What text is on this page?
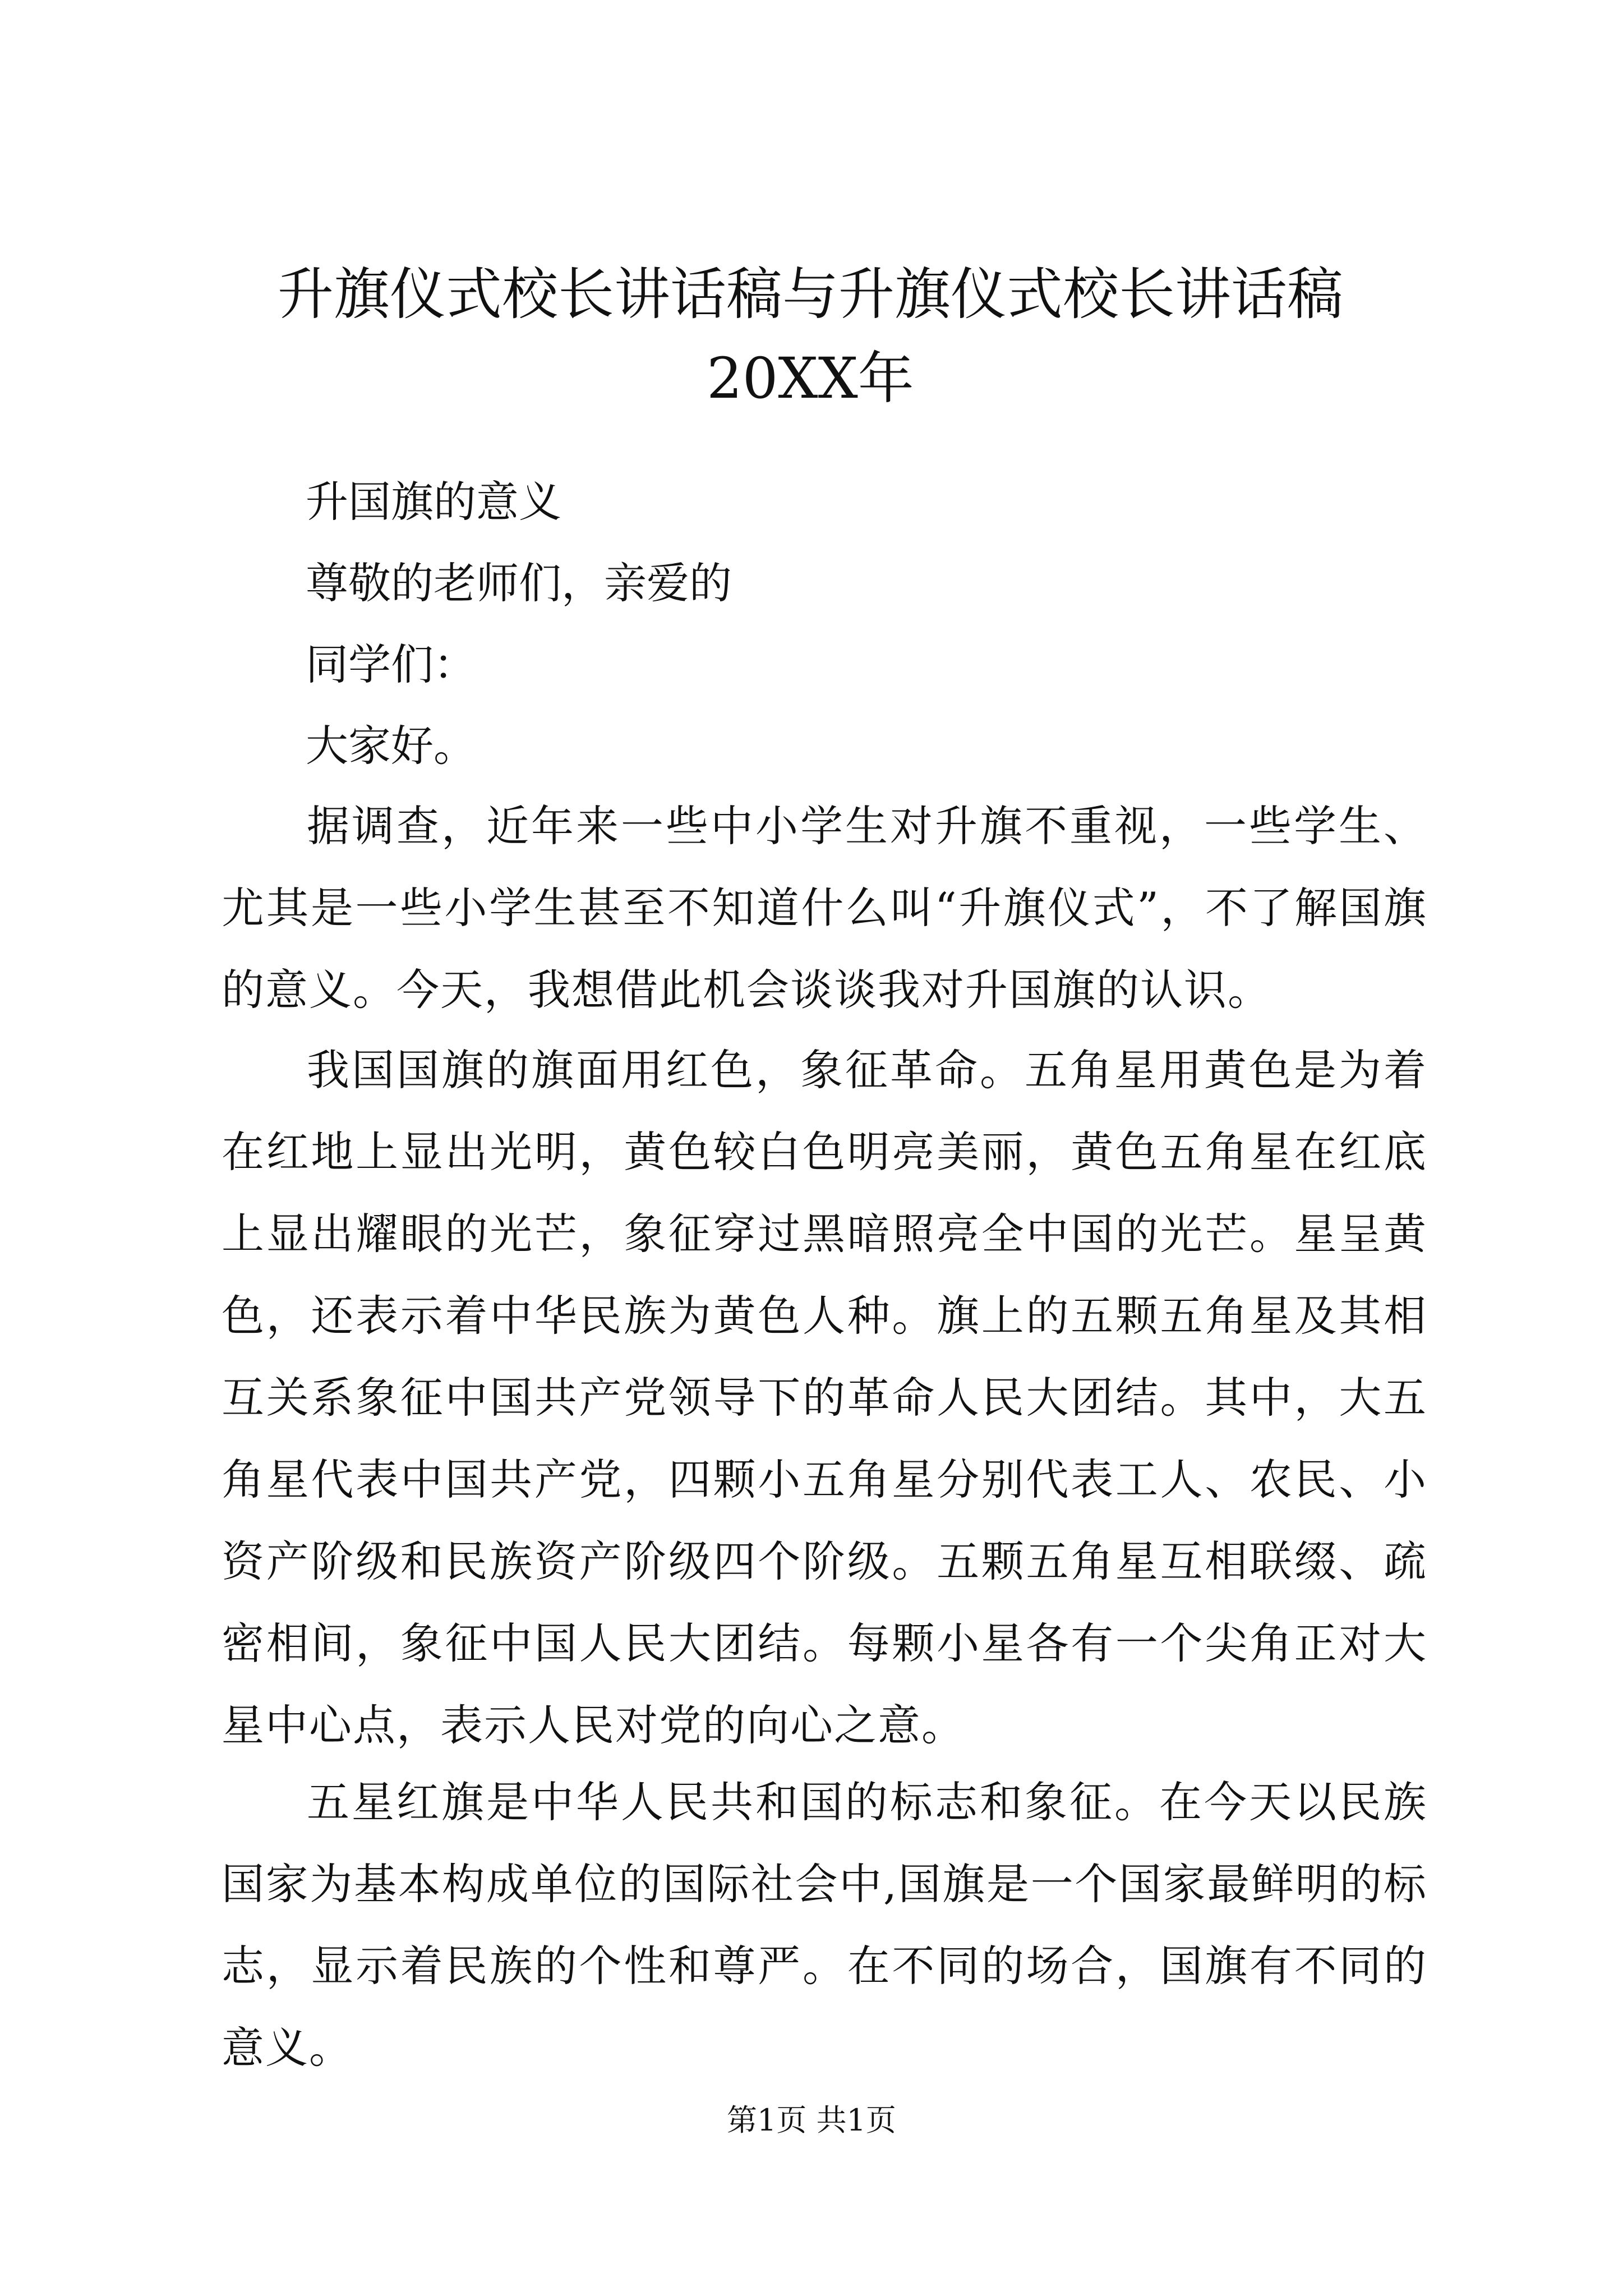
升旗仪式校长讲话稿与升旗仪式校长讲话稿
20XX年

升国旗的意义

尊敬的老师们，亲爱的

同学们：

大家好。

据调查，近年来一些中小学生对升旗不重视，一些学生、尤其是一些小学生甚至不知道什么叫“升旗仪式”，不了解国旗的意义。今天，我想借此机会谈谈我对升国旗的认识。

我国国旗的旗面用红色，象征革命。五角星用黄色是为着在红地上显出光明，黄色较白色明亮美丽，黄色五角星在红底上显出耀眼的光芒，象征穿过黑暗照亮全中国的光芒。星呈黄色，还表示着中华民族为黄色人种。旗上的五颗五角星及其相互关系象征中国共产党领导下的革命人民大团结。其中，大五角星代表中国共产党，四颗小五角星分别代表工人、农民、小资产阶级和民族资产阶级四个阶级。五颗五角星互相联缀、疏密相间，象征中国人民大团结。每颗小星各有一个尖角正对大星中心点，表示人民对党的向心之意。

五星红旗是中华人民共和国的标志和象征。在今天以民族国家为基本构成单位的国际社会中,国旗是一个国家最鲜明的标志，显示着民族的个性和尊严。在不同的场合，国旗有不同的意义。

第1页 共1页
